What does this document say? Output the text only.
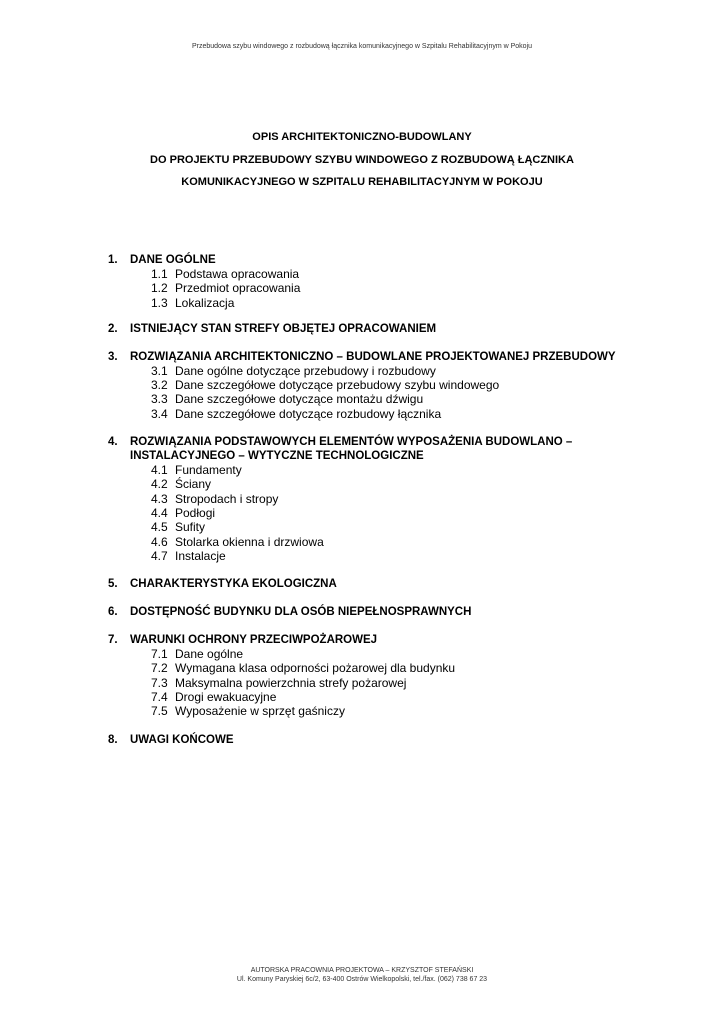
Przebudowa szybu windowego z rozbudową łącznika komunikacyjnego w Szpitalu Rehabilitacyjnym w Pokoju
OPIS ARCHITEKTONICZNO-BUDOWLANY
DO PROJEKTU PRZEBUDOWY SZYBU WINDOWEGO Z ROZBUDOWĄ ŁĄCZNIKA
KOMUNIKACYJNEGO W SZPITALU REHABILITACYJNYM W POKOJU
1. DANE OGÓLNE
1.1 Podstawa opracowania
1.2 Przedmiot opracowania
1.3 Lokalizacja
2. ISTNIEJĄCY STAN STREFY OBJĘTEJ OPRACOWANIEM
3. ROZWIĄZANIA ARCHITEKTONICZNO – BUDOWLANE PROJEKTOWANEJ PRZEBUDOWY
3.1 Dane ogólne dotyczące przebudowy i rozbudowy
3.2 Dane szczegółowe dotyczące przebudowy szybu windowego
3.3 Dane szczegółowe dotyczące montażu dźwigu
3.4 Dane szczegółowe dotyczące rozbudowy łącznika
4. ROZWIĄZANIA PODSTAWOWYCH ELEMENTÓW WYPOSAŻENIA BUDOWLANO – INSTALACYJNEGO – WYTYCZNE TECHNOLOGICZNE
4.1 Fundamenty
4.2 Ściany
4.3 Stropodach i stropy
4.4 Podłogi
4.5 Sufity
4.6 Stolarka okienna i drzwiowa
4.7 Instalacje
5. CHARAKTERYSTYKA EKOLOGICZNA
6. DOSTĘPNOŚĆ BUDYNKU DLA OSÓB NIEPEŁNOSPRAWNYCH
7. WARUNKI OCHRONY PRZECIWPOŻAROWEJ
7.1 Dane ogólne
7.2 Wymagana klasa odporności pożarowej dla budynku
7.3 Maksymalna powierzchnia strefy pożarowej
7.4 Drogi ewakuacyjne
7.5 Wyposażenie w sprzęt gaśniczy
8. UWAGI KOŃCOWE
AUTORSKA PRACOWNIA PROJEKTOWA – KRZYSZTOF STEFAŃSKI
Ul. Komuny Paryskiej 6c/2, 63-400 Ostrów Wielkopolski, tel./fax. (062) 738 67 23
